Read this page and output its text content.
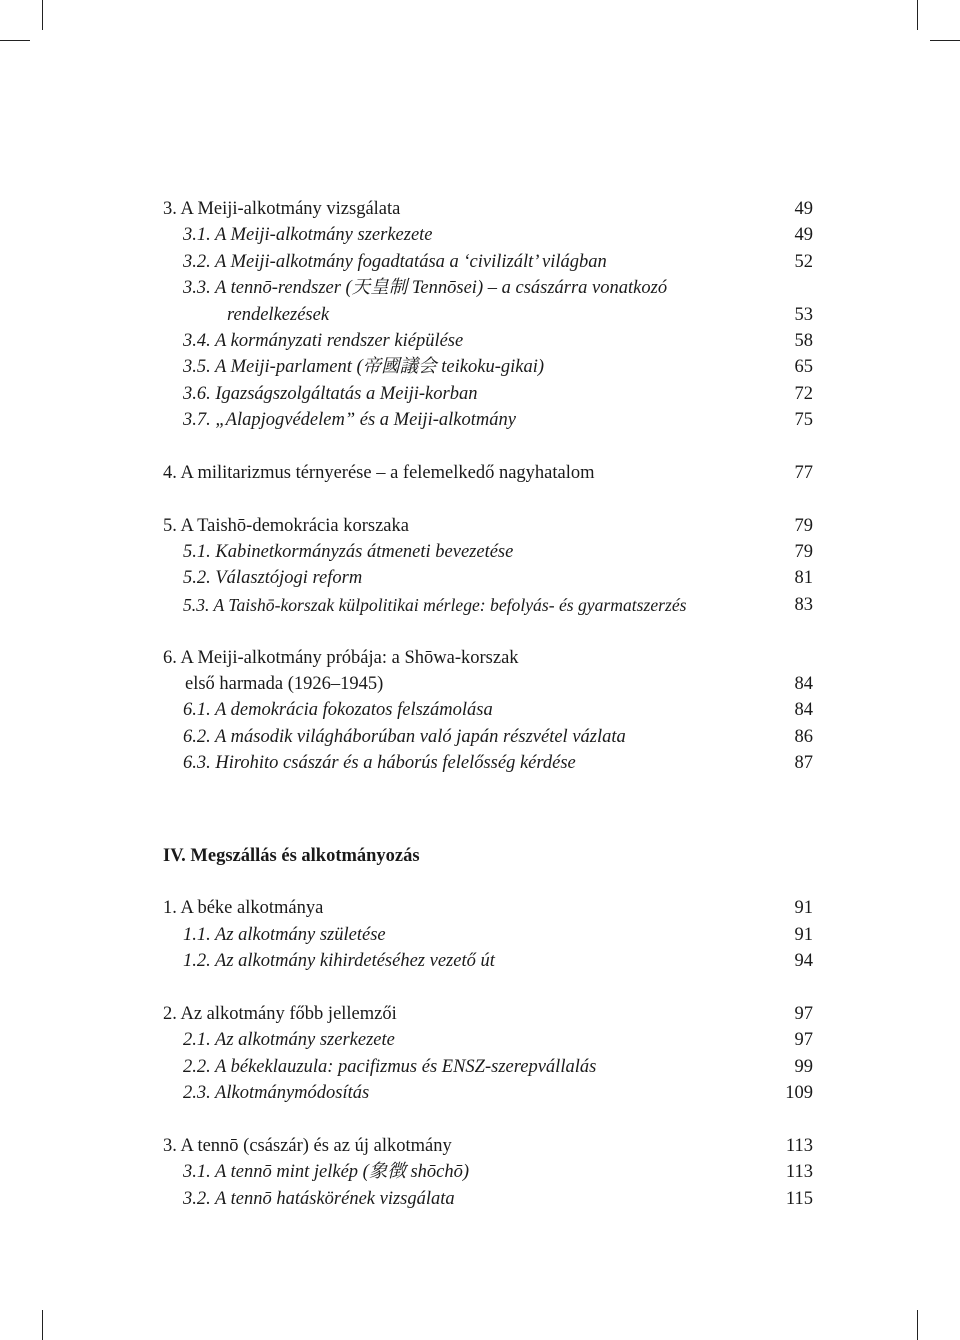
3. A Meiji-alkotmány vizsgálata	49
3.1. A Meiji-alkotmány szerkezete	49
3.2. A Meiji-alkotmány fogadtatása a ‘civilizált’ világban	52
3.3. A tennō-rendszer (天皇制 Tennōsei) – a császárra vonatkozó
rendelkezések	53
3.4. A kormányzati rendszer kiépülése	58
3.5. A Meiji-parlament (帝國議会 teikoku-gikai)	65
3.6. Igazságszolgáltatás a Meiji-korban	72
3.7. „Alapjogvédelem” és a Meiji-alkotmány	75
4. A militarizmus térnyerése – a felemelkedő nagyhatalom	77
5. A Taishō-demokrácia korszaka	79
5.1. Kabinetkormányzás átmeneti bevezetése	79
5.2. Választójogi reform	81
5.3. A Taishō-korszak külpolitikai mérlege: befolyás- és gyarmatszerzés	83
6. A Meiji-alkotmány próbája: a Shōwa-korszak
első harmada (1926–1945)	84
6.1. A demokrácia fokozatos felszámolása	84
6.2. A második világháborúban való japán részvétel vázlata	86
6.3. Hirohito császár és a háborús felelősség kérdése	87
IV. Megszállás és alkotmányozás
1. A béke alkotmánya	91
1.1. Az alkotmány születése	91
1.2. Az alkotmány kihirdetéséhez vezető út	94
2. Az alkotmány főbb jellemzői	97
2.1. Az alkotmány szerkezete	97
2.2. A békeklauzula: pacifizmus és ENSZ-szerepvállalás	99
2.3. Alkotmánymódosítás	109
3. A tennō (császár) és az új alkotmány	113
3.1. A tennō mint jelkép (象徴 shōchō)	113
3.2. A tennō hatáskörének vizsgálata	115
